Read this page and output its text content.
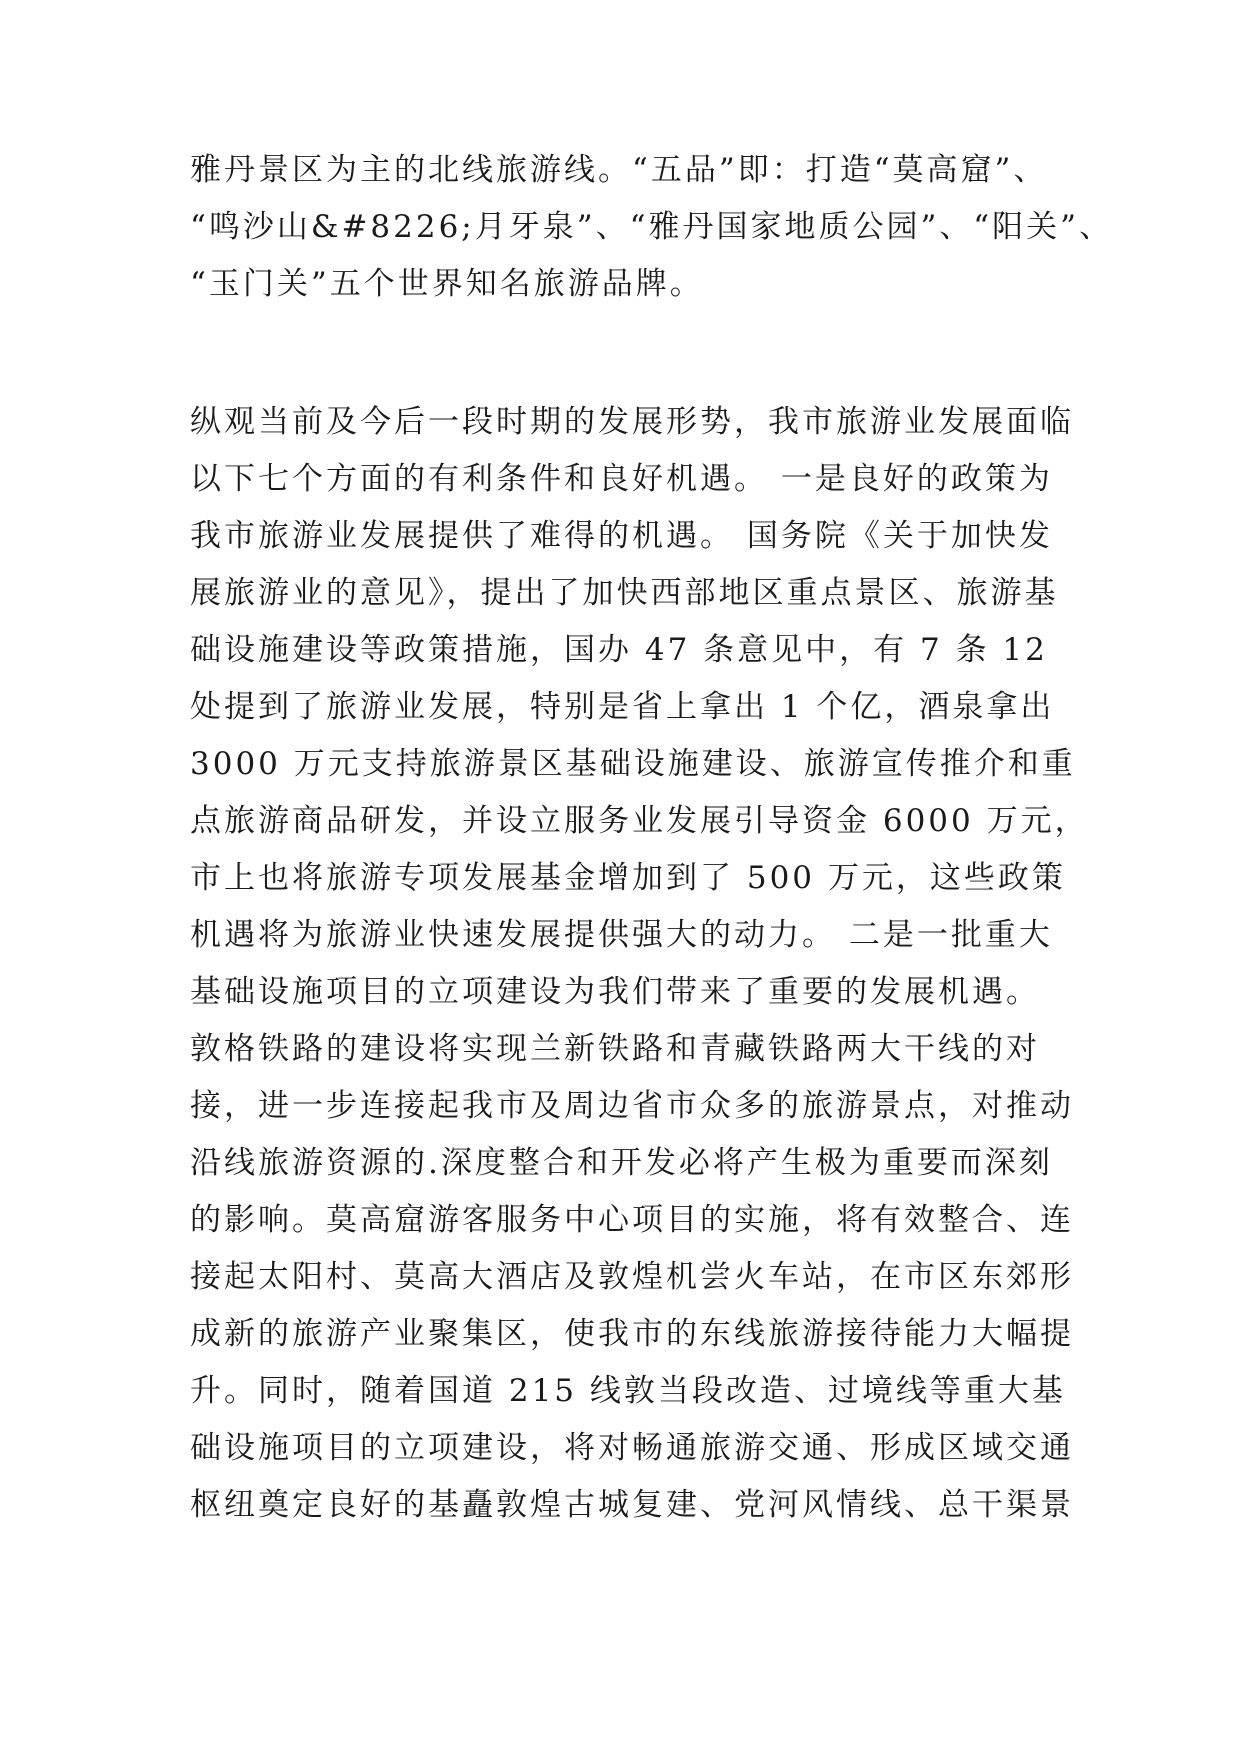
雅丹景区为主的北线旅游线。“五品”即：打造“莫高窟”、
“鸣沙山&#8226;月牙泉”、“雅丹国家地质公园”、“阳关”、
“玉门关”五个世界知名旅游品牌。
纵观当前及今后一段时期的发展形势，我市旅游业发展面临
以下七个方面的有利条件和良好机遇。 一是良好的政策为
我市旅游业发展提供了难得的机遇。 国务院《关于加快发
展旅游业的意见》，提出了加快西部地区重点景区、旅游基
础设施建设等政策措施，国办 47 条意见中，有 7 条 12
处提到了旅游业发展，特别是省上拿出 1 个亿，酒泉拿出
3000 万元支持旅游景区基础设施建设、旅游宣传推介和重
点旅游商品研发，并设立服务业发展引导资金 6000 万元，
市上也将旅游专项发展基金增加到了 500 万元，这些政策
机遇将为旅游业快速发展提供强大的动力。 二是一批重大
基础设施项目的立项建设为我们带来了重要的发展机遇。
敦格铁路的建设将实现兰新铁路和青藏铁路两大干线的对
接，进一步连接起我市及周边省市众多的旅游景点，对推动
沿线旅游资源的.深度整合和开发必将产生极为重要而深刻
的影响。莫高窟游客服务中心项目的实施，将有效整合、连
接起太阳村、莫高大酒店及敦煌机尝火车站，在市区东郊形
成新的旅游产业聚集区，使我市的东线旅游接待能力大幅提
升。同时，随着国道 215 线敦当段改造、过境线等重大基
础设施项目的立项建设，将对畅通旅游交通、形成区域交通
枢纽奠定良好的基矗敦煌古城复建、党河风情线、总干渠景
